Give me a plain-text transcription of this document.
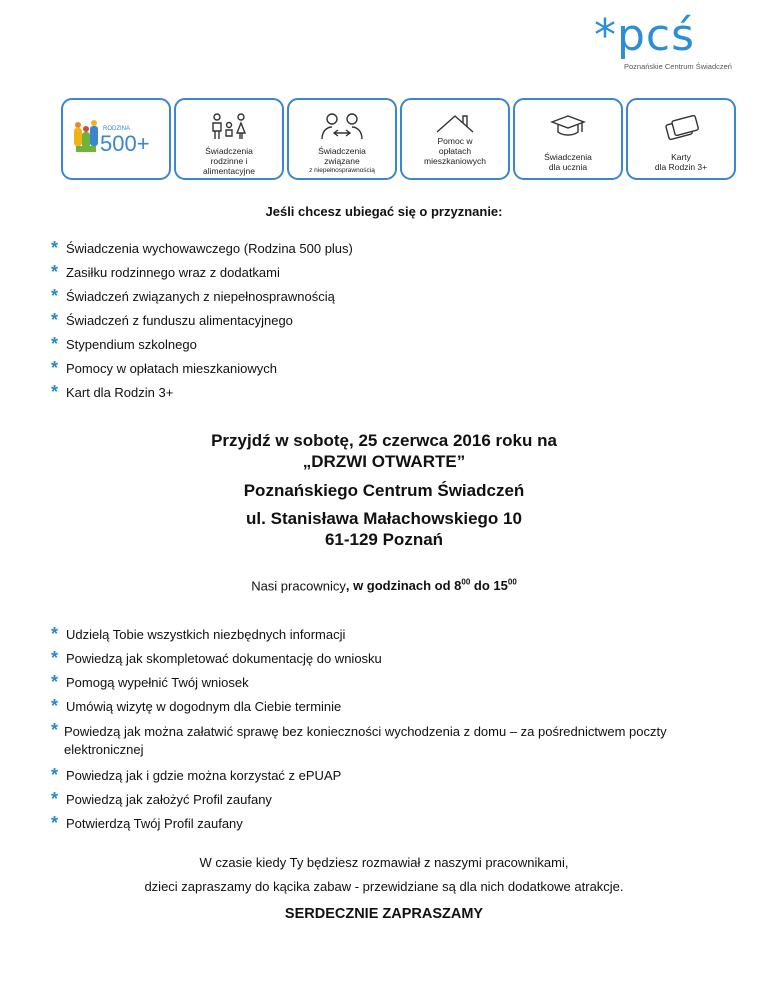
*pcś
Poznańskie Centrum Świadczeń
RODZINA
500+	Świadczenia
rodzinne i
alimentacyjne
Świadczenia
związane
z niepełnosprawnością
Pomoc w
opłatach
mieszkaniowych	Świadczenia
dla ucznia
Karty
dla Rodzin 3+
Jeśli chcesz ubiegać się o przyznanie:
* Świadczenia wychowawczego (Rodzina 500 plus)
* Zasiłku rodzinnego wraz z dodatkami
* Świadczeń związanych z niepełnosprawnością
* Świadczeń z funduszu alimentacyjnego
* Stypendium szkolnego
* Pomocy w opłatach mieszkaniowych
* Kart dla Rodzin 3+
Przyjdź w sobotę, 25 czerwca 2016 roku na
„DRZWI OTWARTE”
Poznańskiego Centrum Świadczeń
ul. Stanisława Małachowskiego 10
61-129 Poznań
Nasi pracownicy, w godzinach od $8^{00}$ do $15^{00}$
* Udzielą Tobie wszystkich niezbędnych informacji
* Powiedzą jak skompletować dokumentację do wniosku
* Pomogą wypełnić Twój wniosek
* Umówią wizytę w dogodnym dla Ciebie terminie
* Powiedzą jak można załatwić sprawę bez konieczności wychodzenia z domu – za pośrednictwem poczty elektronicznej
* Powiedzą jak i gdzie można korzystać z ePUAP
* Powiedzą jak założyć Profil zaufany
* Potwierdzą Twój Profil zaufany
W czasie kiedy Ty będziesz rozmawiał z naszymi pracownikami,
dzieci zapraszamy do kącika zabaw - przewidziane są dla nich dodatkowe atrakcje.
SERDECZNIE ZAPRASZAMY
